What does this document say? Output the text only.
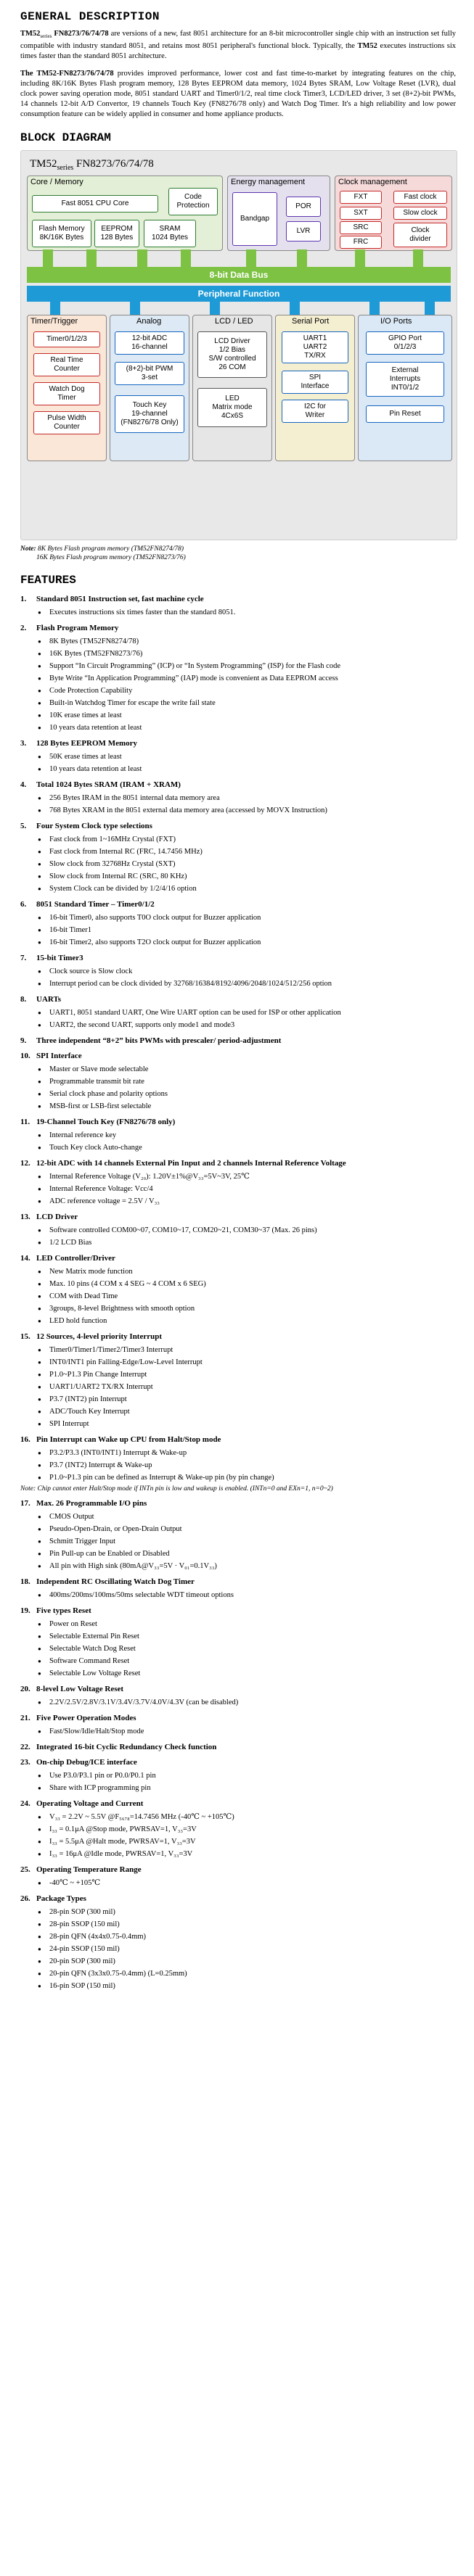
GENERAL DESCRIPTION

$TM52_{series}$ FN8273/76/74/78 are versions of a new, fast 8051 architecture for an 8-bit microcontroller single chip with an instruction set fully compatible with industry standard 8051, and retains most 8051 peripheral's functional block. Typically, the TM52 executes instructions six times faster than the standard 8051 architecture.

The TM52-FN8273/76/74/78 provides improved performance, lower cost and fast time-to-market by integrating features on the chip, including 8K/16K Bytes Flash program memory, 128 Bytes EEPROM data memory, 1024 Bytes SRAM, Low Voltage Reset (LVR), dual clock power saving operation mode, 8051 standard UART and Timer0/1/2, real time clock Timer3, LCD/LED driver, 3 set (8+2)-bit PWMs, 14 channels 12-bit A/D Convertor, 19 channels Touch Key (FN8276/78 only) and Watch Dog Timer. It's a high reliability and low power consumption feature can be widely applied in consumer and home appliance products.

BLOCK DIAGRAM
$TM52_{series}$ FN8273/76/74/78
Core / Memory
Fast 8051 CPU Core
Code
Protection
Flash Memory
8K/16K Bytes
EEPROM
128 Bytes
SRAM
1024 Bytes
Energy management
Bandgap
POR
LVR
Clock management
FXT	Fast clock
SXT	Slow clock
SRC
FRC
Clock
divider
8-bit Data Bus
Peripheral Function
Timer/Trigger
Timer0/1/2/3
Real Time
Counter
Watch Dog
Timer
Pulse Width
Counter
Analog
12-bit ADC
16-channel
(8+2)-bit PWM
3-set
Touch Key
19-channel
(FN8276/78 Only)
LCD / LED
LCD Driver
1/2 Bias
S/W controlled
26 COM
LED
Matrix mode
4Cx6S
Serial Port
UART1
UART2
TX/RX
SPI
Interface
I2C for
Writer
I/O Ports
GPIO Port
0/1/2/3
External
Interrupts
INT0/1/2
Pin Reset
Note: 8K Bytes Flash program memory (TM52FN8274/78)
16K Bytes Flash program memory (TM52FN8273/76)
FEATURES
1. Standard 8051 Instruction set, fast machine cycle
● Executes instructions six times faster than the standard 8051.
2. Flash Program Memory
● 8K Bytes (TM52FN8274/78)
● 16K Bytes (TM52FN8273/76)
● Support “In Circuit Programming” (ICP) or “In System Programming” (ISP) for the Flash code
● Byte Write “In Application Programming” (IAP) mode is convenient as Data EEPROM access
● Code Protection Capability
● Built-in Watchdog Timer for escape the write fail state
● 10K erase times at least
● 10 years data retention at least
3. 128 Bytes EEPROM Memory
● 50K erase times at least
● 10 years data retention at least
4. Total 1024 Bytes SRAM (IRAM + XRAM)
● 256 Bytes IRAM in the 8051 internal data memory area
● 768 Bytes XRAM in the 8051 external data memory area (accessed by MOVX Instruction)
5. Four System Clock type selections
● Fast clock from 1~16MHz Crystal (FXT)
● Fast clock from Internal RC (FRC, 14.7456 MHz)
● Slow clock from 32768Hz Crystal (SXT)
● Slow clock from Internal RC (SRC, 80 KHz)
● System Clock can be divided by 1/2/4/16 option
6. 8051 Standard Timer – Timer0/1/2
● 16-bit Timer0, also supports T0O clock output for Buzzer application
● 16-bit Timer1
● 16-bit Timer2, also supports T2O clock output for Buzzer application
7. 15-bit Timer3
● Clock source is Slow clock
● Interrupt period can be clock divided by 32768/16384/8192/4096/2048/1024/512/256 option
8. UARTs
● UART1, 8051 standard UART, One Wire UART option can be used for ISP or other application
● UART2, the second UART, supports only mode1 and mode3
9. Three independent “8+2” bits PWMs with prescaler/ period-adjustment
10. SPI Interface
● Master or Slave mode selectable
● Programmable transmit bit rate
● Serial clock phase and polarity options
● MSB-first or LSB-first selectable
11. 19-Channel Touch Key (FN8276/78 only)
● Internal reference key
● Touch Key clock Auto-change
12. 12-bit ADC with 14 channels External Pin Input and 2 channels Internal Reference Voltage
● Internal Reference Voltage (V₂₀): 1.20V±1%@V₃₃=5V~3V, 25℃
● Internal Reference Voltage: Vcc/4
● ADC reference voltage = 2.5V / V₃₃
13. LCD Driver
● Software controlled COM00~07, COM10~17, COM20~21, COM30~37 (Max. 26 pins)
● 1/2 LCD Bias
14. LED Controller/Driver
● New Matrix mode function
● Max. 10 pins (4 COM x 4 SEG ~ 4 COM x 6 SEG)
● COM with Dead Time
● 3groups, 8-level Brightness with smooth option
● LED hold function
15. 12 Sources, 4-level priority Interrupt
● Timer0/Timer1/Timer2/Timer3 Interrupt
● INT0/INT1 pin Falling-Edge/Low-Level Interrupt
● P1.0~P1.3 Pin Change Interrupt
● UART1/UART2 TX/RX Interrupt
● P3.7 (INT2) pin Interrupt
● ADC/Touch Key Interrupt
● SPI Interrupt
16. Pin Interrupt can Wake up CPU from Halt/Stop mode
● P3.2/P3.3 (INT0/INT1) Interrupt & Wake-up
● P3.7 (INT2) Interrupt & Wake-up
● P1.0~P1.3 pin can be defined as Interrupt & Wake-up pin (by pin change)
Note: Chip cannot enter Halt/Stop mode if INTn pin is low and wakeup is enabled. (INTn=0 and EXn=1, n=0~2)
17. Max. 26 Programmable I/O pins
● CMOS Output
● Pseudo-Open-Drain, or Open-Drain Output
● Schmitt Trigger Input
● Pin Pull-up can be Enabled or Disabled
● All pin with High sink (80mA@V₃₃=5V · V₀₁=0.1V₃₃)
18. Independent RC Oscillating Watch Dog Timer
● 400ms/200ms/100ms/50ms selectable WDT timeout options
19. Five types Reset
● Power on Reset
● Selectable External Pin Reset
● Selectable Watch Dog Reset
● Software Command Reset
● Selectable Low Voltage Reset
20. 8-level Low Voltage Reset
● 2.2V/2.5V/2.8V/3.1V/3.4V/3.7V/4.0V/4.3V (can be disabled)
21. Five Power Operation Modes
● Fast/Slow/Idle/Halt/Stop mode
22. Integrated 16-bit Cyclic Redundancy Check function
23. On-chip Debug/ICE interface
● Use P3.0/P3.1 pin or P0.0/P0.1 pin
● Share with ICP programming pin
24. Operating Voltage and Current
● V₃₃ = 2.2V ~ 5.5V @F₅₆₇₈=14.7456 MHz (-40℃ ~ +105℃)
● I₃₃ = 0.1μA @Stop mode, PWRSAV=1, V₃₃=3V
● I₃₃ = 5.5μA @Halt mode, PWRSAV=1, V₃₃=3V
● I₃₃ = 16μA @Idle mode, PWRSAV=1, V₃₃=3V
25. Operating Temperature Range
● -40℃ ~ +105℃
26. Package Types
● 28-pin SOP (300 mil)
● 28-pin SSOP (150 mil)
● 28-pin QFN (4x4x0.75-0.4mm)
● 24-pin SSOP (150 mil)
● 20-pin SOP (300 mil)
● 20-pin QFN (3x3x0.75-0.4mm) (L=0.25mm)
● 16-pin SOP (150 mil)
